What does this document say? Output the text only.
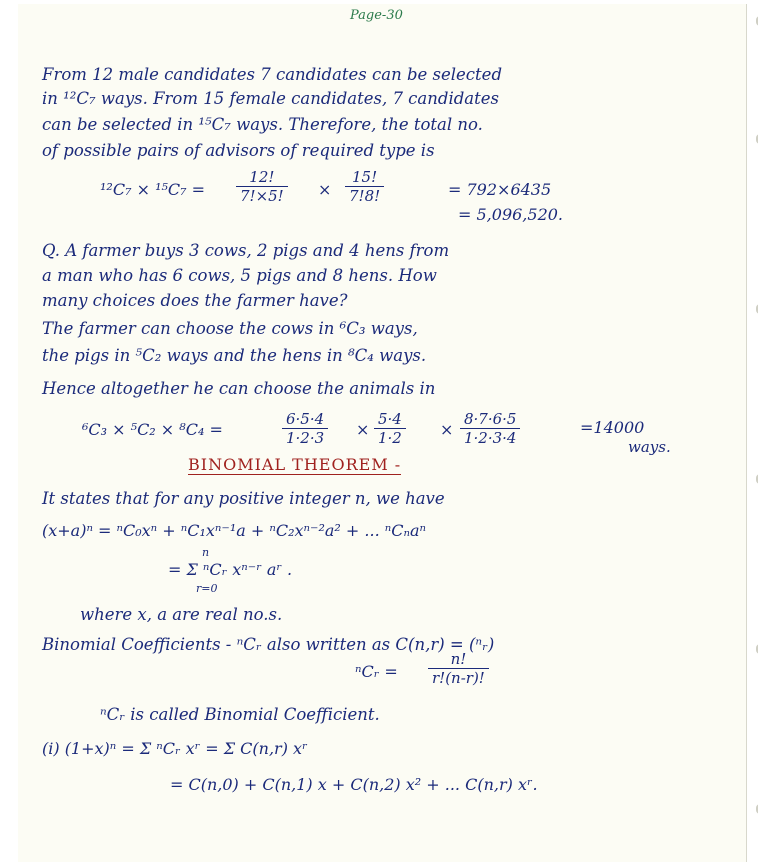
Page-30
From 12 male candidates 7 candidates can be selected
in ¹²C₇ ways. From 15 female candidates, 7 candidates
can be selected in ¹⁵C₇ ways. Therefore, the total no.
of possible pairs of advisors of required type is
$^{12}C_7 \times ^{15}C_7 = \frac{12!}{7!\times 5!} \times \frac{15!}{7!8!}$	= 792×6435
= 5,096,520.
Q. A farmer buys 3 cows, 2 pigs and 4 hens from
a man who has 6 cows, 5 pigs and 8 hens. How
many choices does the farmer have?
The farmer can choose the cows in ⁶C₃ ways,
the pigs in ⁵C₂ ways and the hens in ⁸C₄ ways.
Hence altogether he can choose the animals in
⁶C₃ × ⁵C₂ × ⁸C₄ =	$\frac{6\cdot 5\cdot 4}{1\cdot 2\cdot 3} \times \frac{5\cdot 4}{1\cdot 2} \times \frac{8\cdot 7\cdot 6\cdot 5}{1\cdot 2\cdot 3\cdot 4}$	=14000
ways.
BINOMIAL THEOREM -
It states that for any positive integer n, we have
(x+a)ⁿ = ⁿC₀xⁿ + ⁿC₁xⁿ⁻¹a + ⁿC₂xⁿ⁻²a² + ... ⁿCₙaⁿ
n
= Σ ⁿCᵣ xⁿ⁻ʳ aʳ .
r=0
where x, a are real no.s.
Binomial Coefficients - ⁿCᵣ also written as C(n,r) = (ⁿᵣ)
ⁿCᵣ = $\frac{n!}{r!(n-r)!}$
ⁿCᵣ is called Binomial Coefficient.
(i) (1+x)ⁿ = Σ ⁿCᵣ xʳ = Σ C(n,r) xʳ
= C(n,0) + C(n,1) x + C(n,2) x² + ... C(n,r) xʳ.
